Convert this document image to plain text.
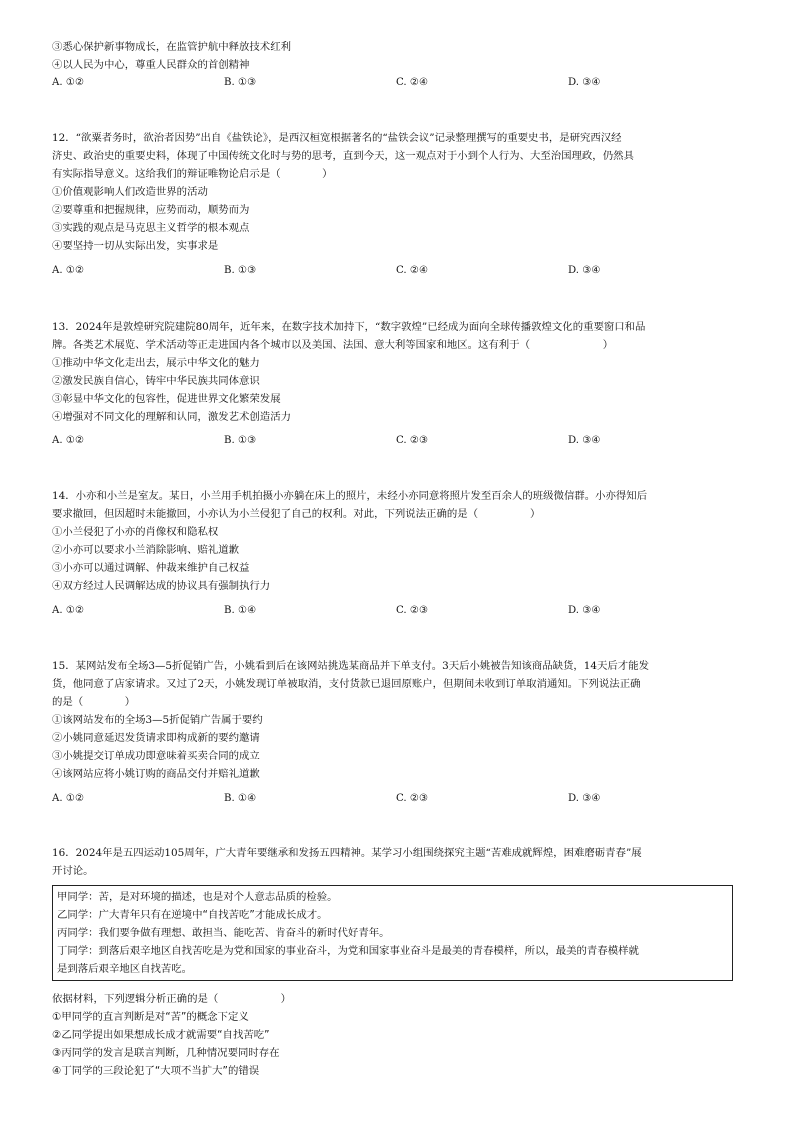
③悉心保护新事物成长，在监管护航中释放技术红利
④以人民为中心，尊重人民群众的首创精神
A. ①②	B. ①③	C. ②④	D. ③④
12．“欲粟者务时，欲治者因势”出自《盐铁论》，是西汉桓宽根据著名的“盐铁会议”记录整理撰写的重要史书，是研究西汉经
济史、政治史的重要史料，体现了中国传统文化时与势的思考，直到今天，这一观点对于小到个人行为、大至治国理政，仍然具
有实际指导意义。这给我们的辩证唯物论启示是（　　　　）
①价值观影响人们改造世界的活动
②要尊重和把握规律，应势而动，顺势而为
③实践的观点是马克思主义哲学的根本观点
④要坚持一切从实际出发，实事求是
A. ①②	B. ①③	C. ②④	D. ③④
13．2024年是敦煌研究院建院80周年，近年来，在数字技术加持下，“数字敦煌”已经成为面向全球传播敦煌文化的重要窗口和品
牌。各类艺术展览、学术活动等正走进国内各个城市以及美国、法国、意大利等国家和地区。这有利于（　　　　　　　）
①推动中华文化走出去，展示中华文化的魅力
②激发民族自信心，铸牢中华民族共同体意识
③彰显中华文化的包容性，促进世界文化繁荣发展
④增强对不同文化的理解和认同，激发艺术创造活力
A. ①②	B. ①③	C. ②③	D. ③④
14．小亦和小兰是室友。某日，小兰用手机拍摄小亦躺在床上的照片，未经小亦同意将照片发至百余人的班级微信群。小亦得知后
要求撤回，但因超时未能撤回，小亦认为小兰侵犯了自己的权利。对此，下列说法正确的是（　　　　　）
①小兰侵犯了小亦的肖像权和隐私权
②小亦可以要求小兰消除影响、赔礼道歉
③小亦可以通过调解、仲裁来维护自己权益
④双方经过人民调解达成的协议具有强制执行力
A. ①②	B. ①④	C. ②③	D. ③④
15．某网站发布全场3—5折促销广告，小姚看到后在该网站挑选某商品并下单支付。3天后小姚被告知该商品缺货，14天后才能发
货，他同意了店家请求。又过了2天，小姚发现订单被取消，支付货款已退回原账户，但期间未收到订单取消通知。下列说法正确
的是（　　　　）
①该网站发布的全场3—5折促销广告属于要约
②小姚同意延迟发货请求即构成新的要约邀请
③小姚提交订单成功即意味着买卖合同的成立
④该网站应将小姚订购的商品交付并赔礼道歉
A. ①②	B. ①④	C. ②③	D. ③④
16．2024年是五四运动105周年，广大青年要继承和发扬五四精神。某学习小组围绕探究主题“苦难成就辉煌，困难磨砺青春”展
开讨论。
甲同学：苦，是对环境的描述，也是对个人意志品质的检验。
乙同学：广大青年只有在逆境中“自找苦吃”才能成长成才。
丙同学：我们要争做有理想、敢担当、能吃苦、肯奋斗的新时代好青年。
丁同学：到落后艰辛地区自找苦吃是为党和国家的事业奋斗，为党和国家事业奋斗是最美的青春模样，所以，最美的青春模样就
是到落后艰辛地区自找苦吃。
依据材料，下列逻辑分析正确的是（　　　　　　）
①甲同学的直言判断是对“苦”的概念下定义
②乙同学提出如果想成长成才就需要“自找苦吃”
③丙同学的发言是联言判断，几种情况要同时存在
④丁同学的三段论犯了“大项不当扩大”的错误
